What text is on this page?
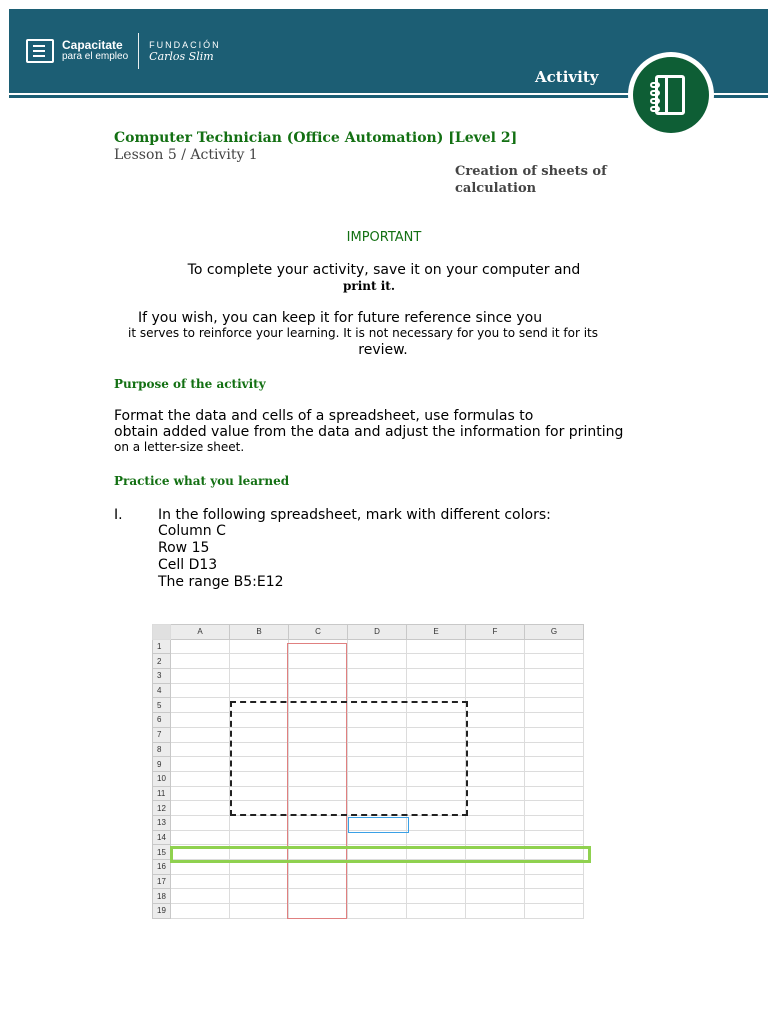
Capacitate
para el empleo
FUNDACIÓN
Carlos Slim
Activity
Computer Technician (Office Automation) [Level 2]
Lesson 5 / Activity 1
Creation of sheets of
calculation
IMPORTANT
To complete your activity, save it on your computer and
print it.
If you wish, you can keep it for future reference since you
it serves to reinforce your learning. It is not necessary for you to send it for its
review.
Purpose of the activity
Format the data and cells of a spreadsheet, use formulas to
obtain added value from the data and adjust the information for printing
on a letter-size sheet.
Practice what you learned
I.	In the following spreadsheet, mark with different colors:
Column C
Row 15
Cell D13
The range B5:E12
	A	B	C	D	E	F	G
1							
2							
3							
4							
5							
6							
7							
8							
9							
10							
11							
12							
13							
14							
15							
16							
17							
18							
19							
